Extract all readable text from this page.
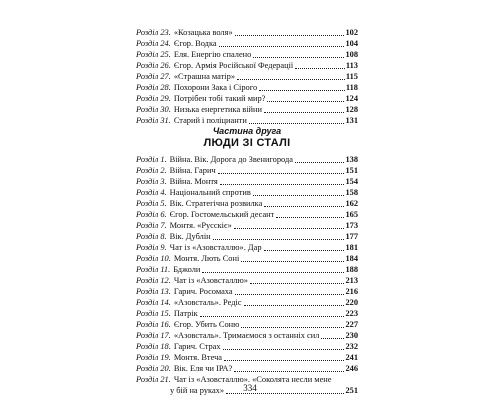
Розділ 23. «Козацька воля»	102
Розділ 24. Єгор. Водка	104
Розділ 25. Еля. Енергію спалено	108
Розділ 26. Єгор. Армія Російської Федерації	113
Розділ 27. «Страшна матір»	115
Розділ 28. Похорони Зака і Сірого	118
Розділ 29. Потрібен тобі такий мир?	124
Розділ 30. Низька енергетика війни	128
Розділ 31. Старий і поліцианти	131
Частина друга
ЛЮДИ ЗІ СТАЛІ
Розділ 1. Війна. Вік. Дорога до Звенигорода	138
Розділ 2. Війна. Гарич	151
Розділ 3. Війна. Монтя	154
Розділ 4. Національний спротив	158
Розділ 5. Вік. Стратегічна розвилка	162
Розділ 6. Єгор. Гостомельський десант	165
Розділ 7. Монтя. «Русскіє»	173
Розділ 8. Вік. Дублін	177
Розділ 9. Чат із «Азовсталлю». Дар	181
Розділ 10. Монтя. Лють Соні	184
Розділ 11. Бджоли	188
Розділ 12. Чат із «Азовсталлю»	213
Розділ 13. Гарич. Росомаха	216
Розділ 14. «Азовсталь». Редіс	220
Розділ 15. Патрік	223
Розділ 16. Єгор. Убить Соню	227
Розділ 17. «Азовсталь». Тримаємося з останніх сил	230
Розділ 18. Гарич. Страх	232
Розділ 19. Монтя. Втеча	241
Розділ 20. Вік. Еля чи ІРА?	246
Розділ 21. Чат із «Азовсталлю». «Соколята несли мене
у бій на руках»	251
334
